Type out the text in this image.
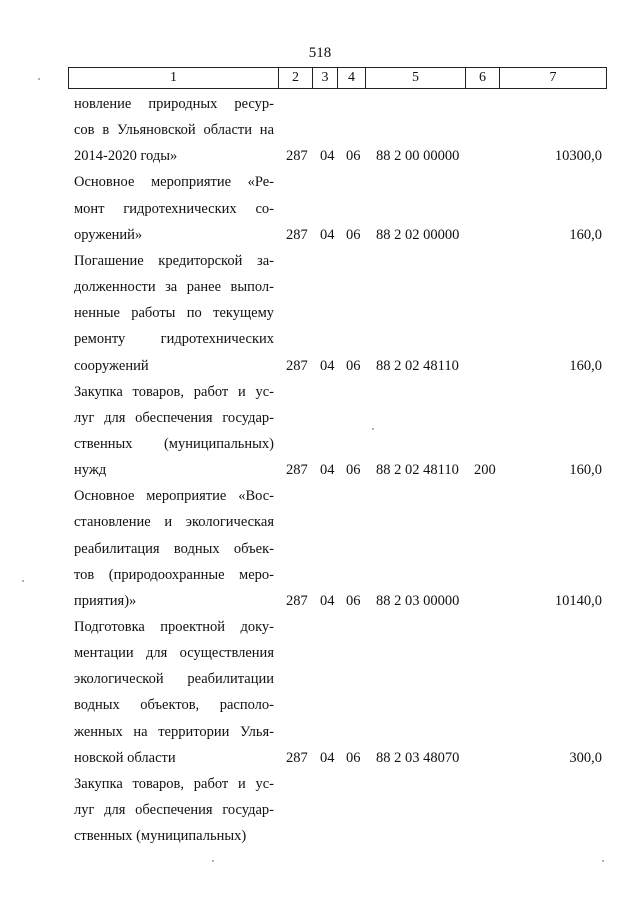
518
1	2	3	4	5	6	7
новление природных ресур-
сов в Ульяновской области на
2014-2020 годы»	287 04 06 88 2 00 00000	10300,0
Основное мероприятие «Ре-
монт гидротехнических со-
оружений»	287 04 06 88 2 02 00000	160,0
Погашение кредиторской за-
долженности за ранее выпол-
ненные работы по текущему
ремонту гидротехнических
сооружений	287 04 06 88 2 02 48110	160,0
Закупка товаров, работ и ус-
луг для обеспечения государ-
ственных (муниципальных)
нужд	287 04 06 88 2 02 48110 200	160,0
Основное мероприятие «Вос-
становление и экологическая
реабилитация водных объек-
тов (природоохранные меро-
приятия)»	287 04 06 88 2 03 00000	10140,0
Подготовка проектной доку-
ментации для осуществления
экологической реабилитации
водных объектов, располо-
женных на территории Улья-
новской области	287 04 06 88 2 03 48070	300,0
Закупка товаров, работ и ус-
луг для обеспечения государ-
ственных (муниципальных)
